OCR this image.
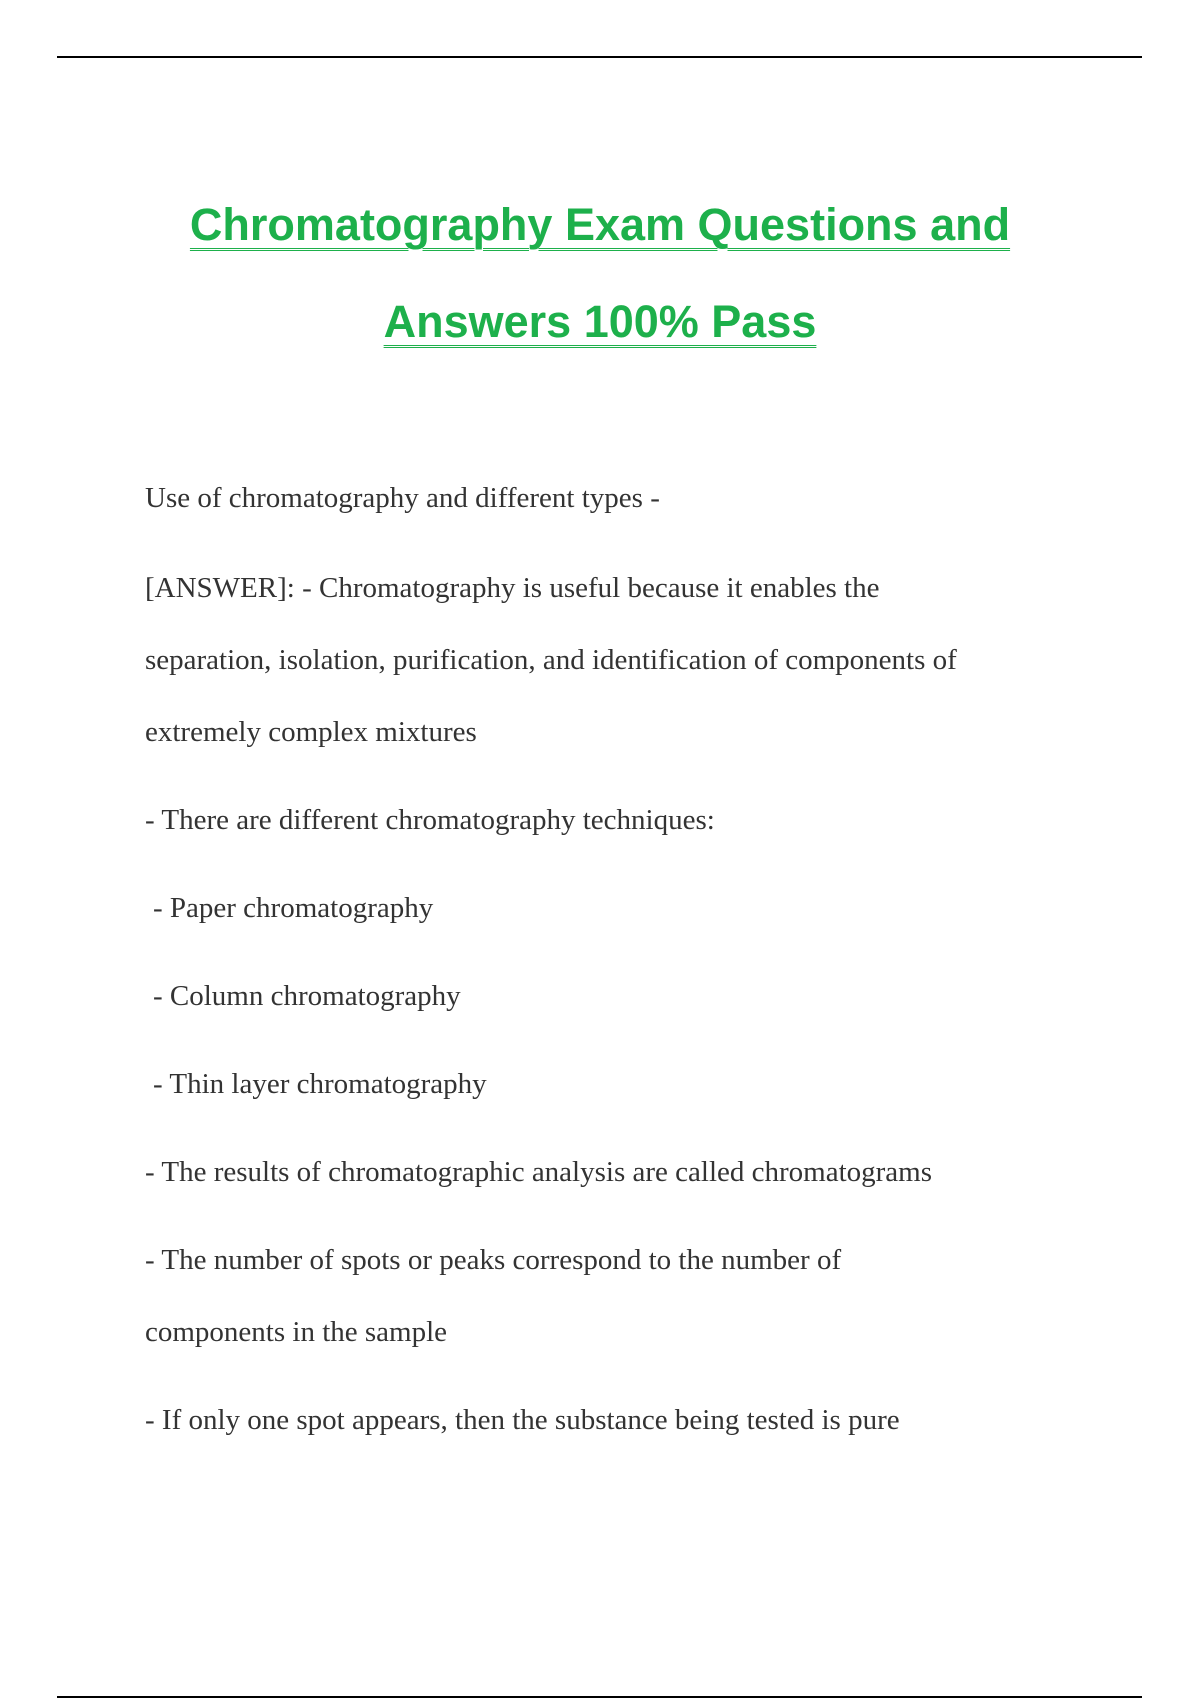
Chromatography Exam Questions and
Answers 100% Pass

Use of chromatography and different types -

[ANSWER]: - Chromatography is useful because it enables the

separation, isolation, purification, and identification of components of

extremely complex mixtures

- There are different chromatography techniques:

- Paper chromatography

- Column chromatography

- Thin layer chromatography

- The results of chromatographic analysis are called chromatograms

- The number of spots or peaks correspond to the number of

components in the sample

- If only one spot appears, then the substance being tested is pure
